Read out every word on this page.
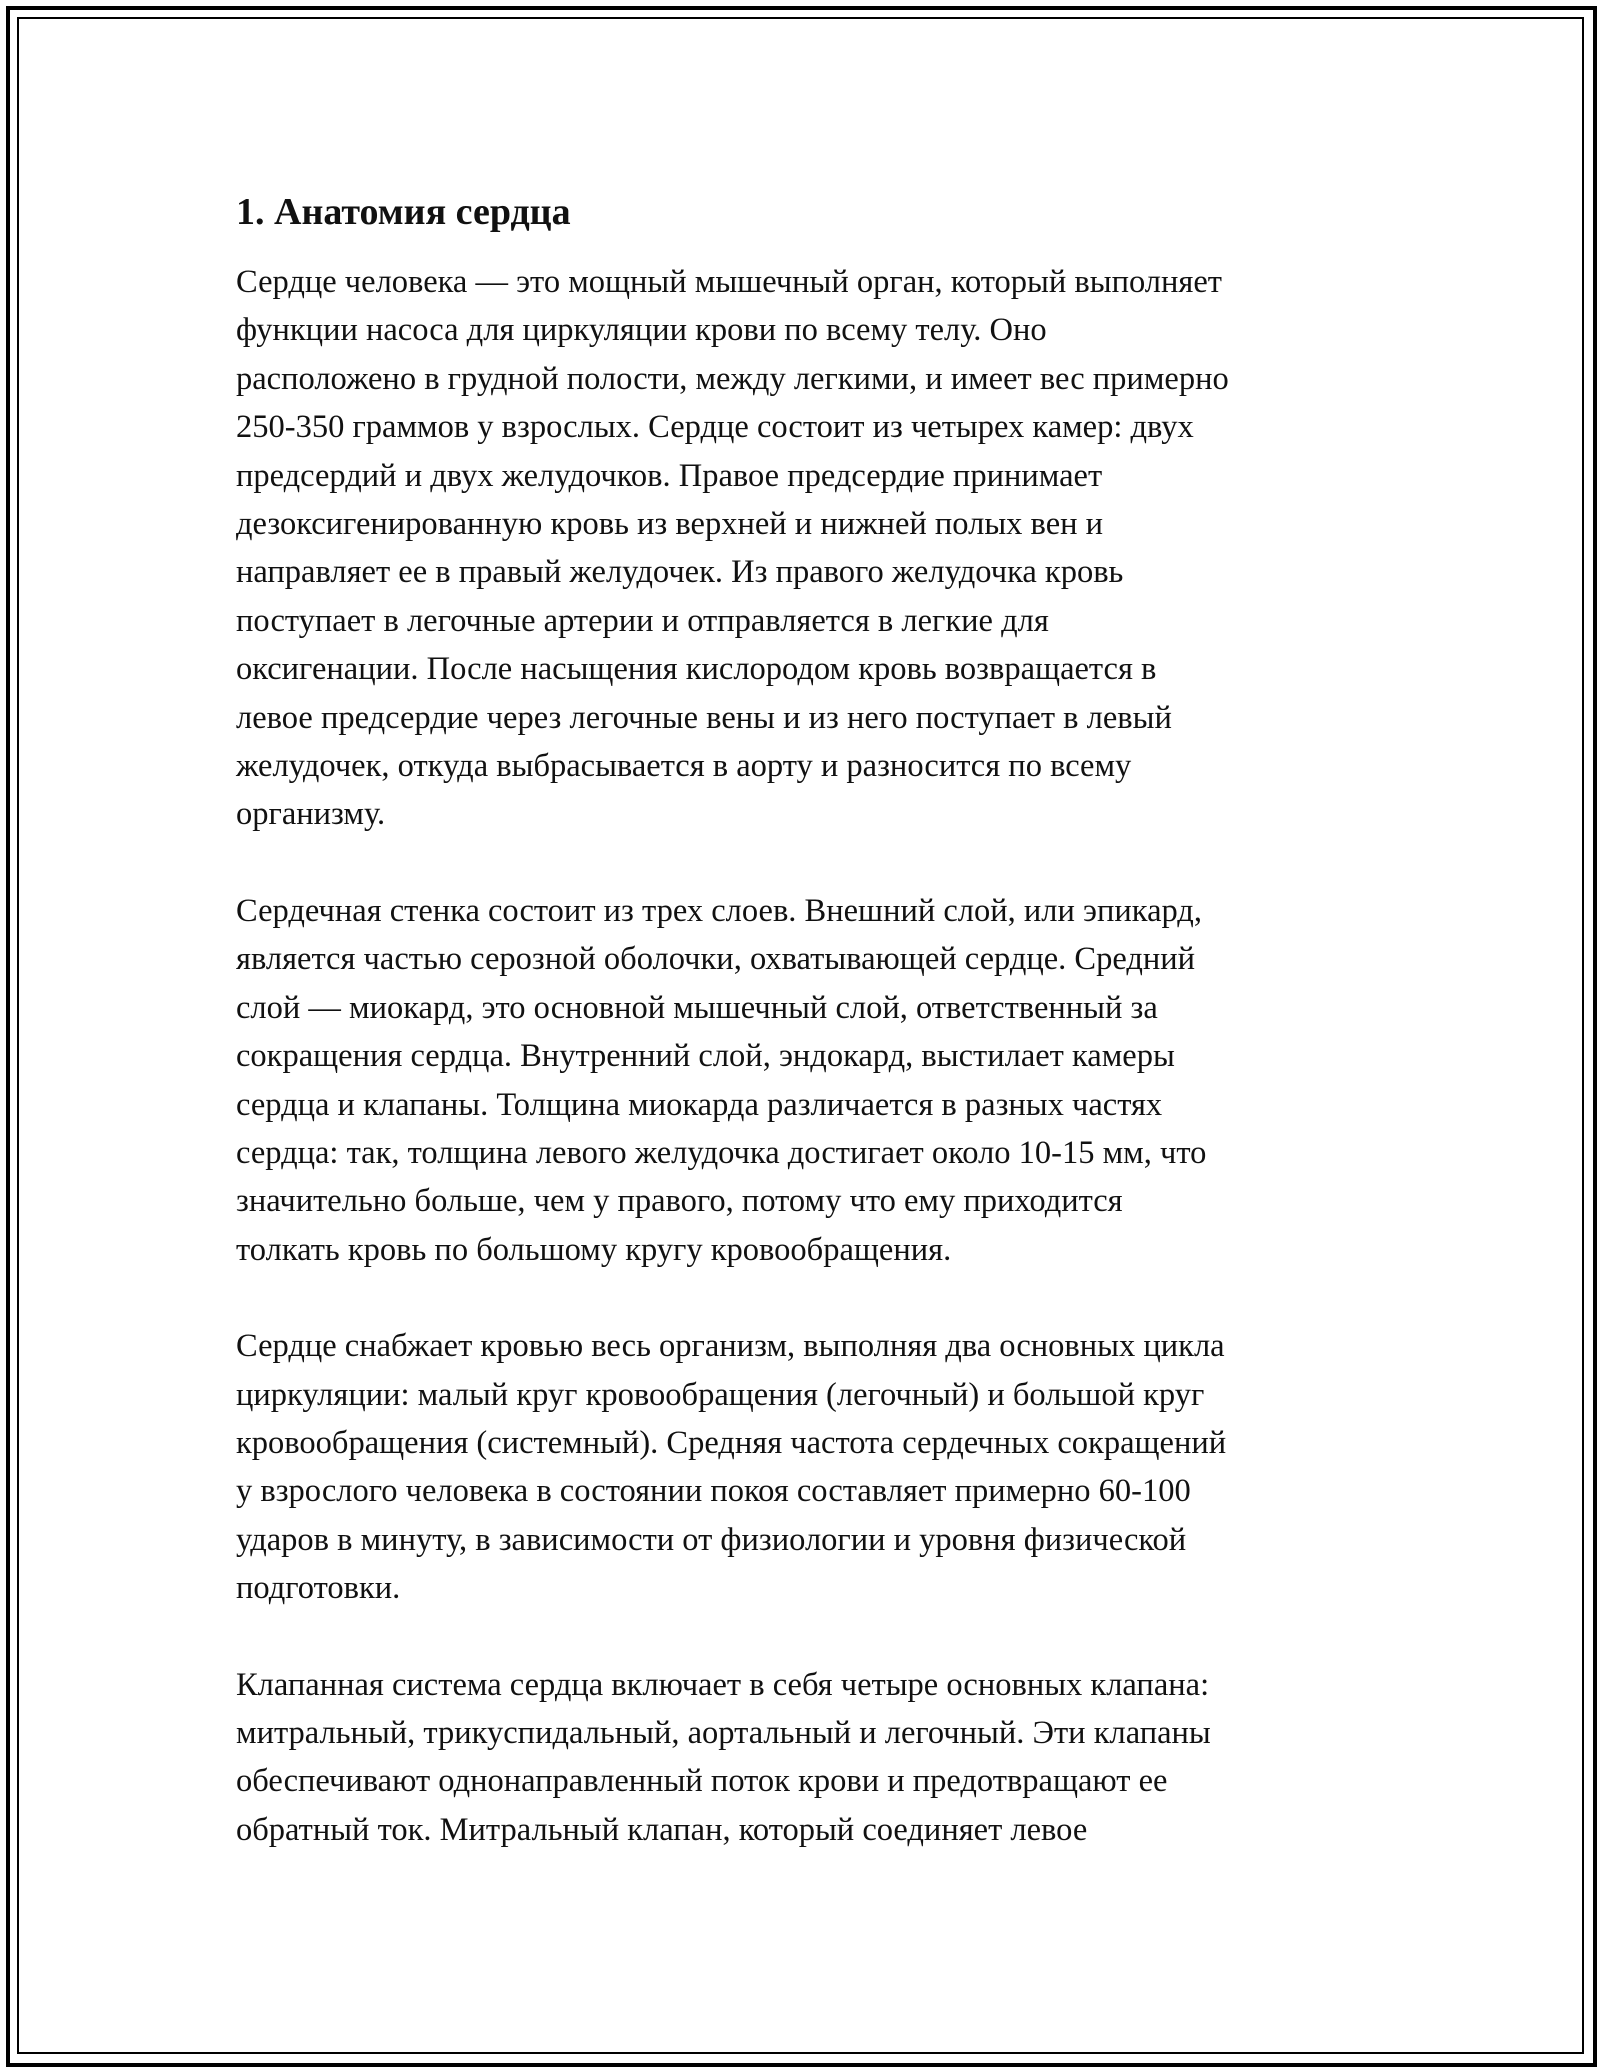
1. Анатомия сердца
Сердце человека — это мощный мышечный орган, который выполняет
функции насоса для циркуляции крови по всему телу. Оно
расположено в грудной полости, между легкими, и имеет вес примерно
250-350 граммов у взрослых. Сердце состоит из четырех камер: двух
предсердий и двух желудочков. Правое предсердие принимает
дезоксигенированную кровь из верхней и нижней полых вен и
направляет ее в правый желудочек. Из правого желудочка кровь
поступает в легочные артерии и отправляется в легкие для
оксигенации. После насыщения кислородом кровь возвращается в
левое предсердие через легочные вены и из него поступает в левый
желудочек, откуда выбрасывается в аорту и разносится по всему
организму.
Сердечная стенка состоит из трех слоев. Внешний слой, или эпикард,
является частью серозной оболочки, охватывающей сердце. Средний
слой — миокард, это основной мышечный слой, ответственный за
сокращения сердца. Внутренний слой, эндокард, выстилает камеры
сердца и клапаны. Толщина миокарда различается в разных частях
сердца: так, толщина левого желудочка достигает около 10-15 мм, что
значительно больше, чем у правого, потому что ему приходится
толкать кровь по большому кругу кровообращения.
Сердце снабжает кровью весь организм, выполняя два основных цикла
циркуляции: малый круг кровообращения (легочный) и большой круг
кровообращения (системный). Средняя частота сердечных сокращений
у взрослого человека в состоянии покоя составляет примерно 60-100
ударов в минуту, в зависимости от физиологии и уровня физической
подготовки.
Клапанная система сердца включает в себя четыре основных клапана:
митральный, трикуспидальный, аортальный и легочный. Эти клапаны
обеспечивают однонаправленный поток крови и предотвращают ее
обратный ток. Митральный клапан, который соединяет левое
